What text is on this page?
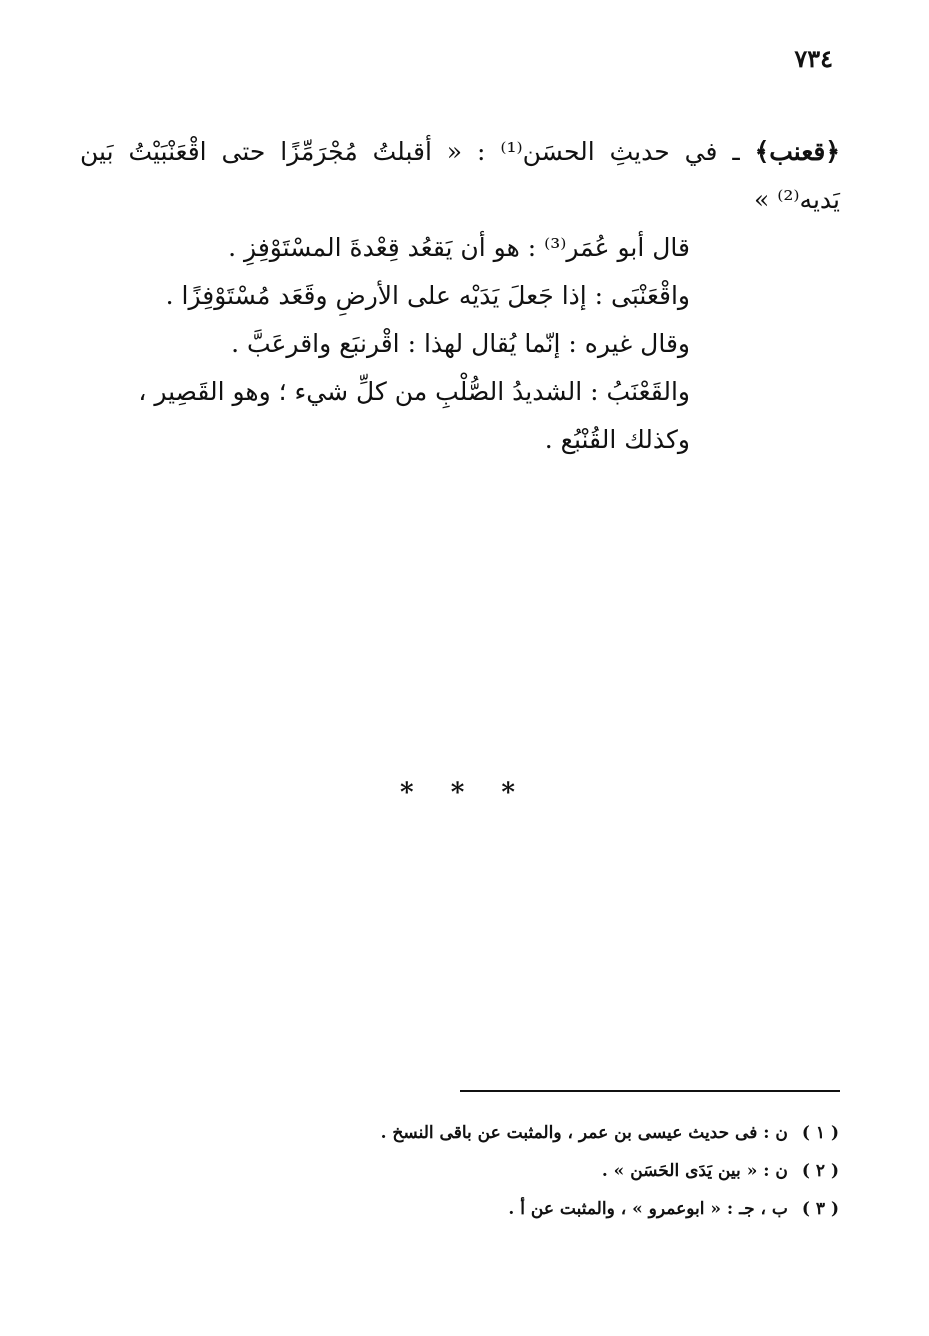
٧٣٤
﴿قعنب﴾ ـ في حديثِ الحسَن⁽¹⁾ : « أقبلتُ مُجْرَمِّزًا حتى اقْعَنْبَيْتُ بَين
يَديه⁽²⁾ »
قال أبو عُمَر⁽³⁾ : هو أن يَقعُد قِعْدةَ المسْتَوْفِزِ .
واقْعَنْبَى : إذا جَعلَ يَدَيْه على الأرضِ وقَعَد مُسْتَوْفِزًا .
وقال غيره : إنّما يُقال لهذا : اقْرنبَع واقرعَبَّ .
والقَعْنَبُ : الشديدُ الصُّلْبِ من كلِّ شيء ؛ وهو القَصِير ،
وكذلك القُنْبُع .
* * *
( ١ )ن : فى حديث عيسى بن عمر ، والمثبت عن باقى النسخ .
( ٢ )ن : « بين يَدَى الحَسَن » .
( ٣ )ب ، جـ : « ابوعمرو » ، والمثبت عن أ .
